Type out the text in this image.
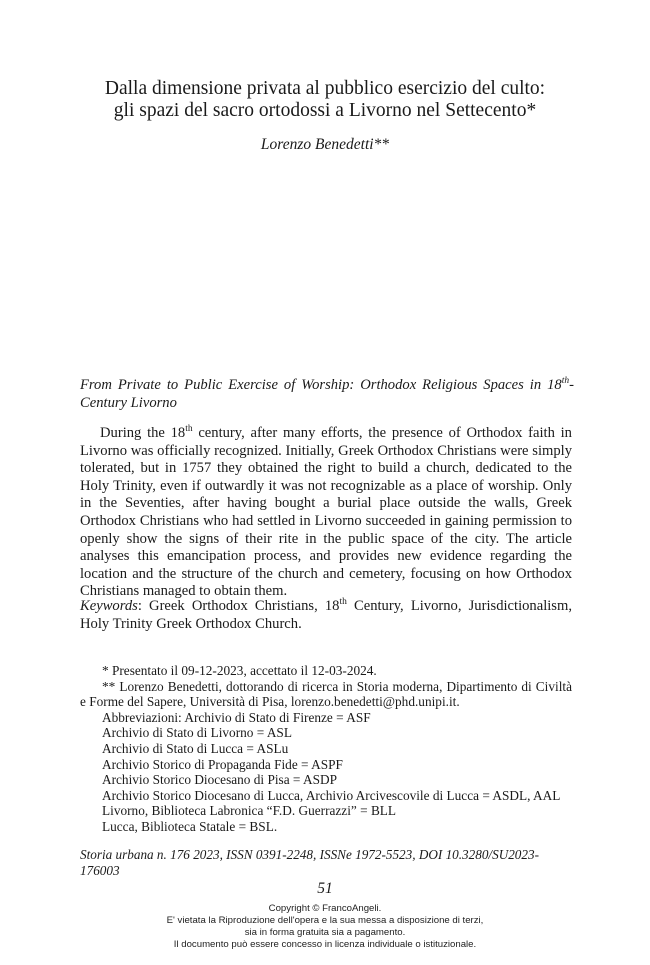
Dalla dimensione privata al pubblico esercizio del culto:
gli spazi del sacro ortodossi a Livorno nel Settecento*
Lorenzo Benedetti**
From Private to Public Exercise of Worship: Orthodox Religious Spaces in 18th-Century Livorno

During the 18th century, after many efforts, the presence of Orthodox faith in Livorno was officially recognized. Initially, Greek Orthodox Christians were simply tolerated, but in 1757 they obtained the right to build a church, dedicated to the Holy Trinity, even if outwardly it was not recognizable as a place of worship. Only in the Seventies, after having bought a burial place outside the walls, Greek Orthodox Christians who had settled in Livorno succeeded in gaining permission to openly show the signs of their rite in the public space of the city. The article analyses this emancipation process, and provides new evidence regarding the location and the structure of the church and cemetery, focusing on how Orthodox Christians managed to obtain them.

Keywords: Greek Orthodox Christians, 18th Century, Livorno, Jurisdictionalism, Holy Trinity Greek Orthodox Church.

* Presentato il 09-12-2023, accettato il 12-03-2024.
** Lorenzo Benedetti, dottorando di ricerca in Storia moderna, Dipartimento di Civiltà e Forme del Sapere, Università di Pisa, lorenzo.benedetti@phd.unipi.it.
Abbreviazioni: Archivio di Stato di Firenze = ASF
Archivio di Stato di Livorno = ASL
Archivio di Stato di Lucca = ASLu
Archivio Storico di Propaganda Fide = ASPF
Archivio Storico Diocesano di Pisa = ASDP
Archivio Storico Diocesano di Lucca, Archivio Arcivescovile di Lucca = ASDL, AAL
Livorno, Biblioteca Labronica “F.D. Guerrazzi” = BLL
Lucca, Biblioteca Statale = BSL.
Storia urbana n. 176 2023, ISSN 0391-2248, ISSNe 1972-5523, DOI 10.3280/SU2023-176003
51
Copyright © FrancoAngeli.
E' vietata la Riproduzione dell'opera e la sua messa a disposizione di terzi,
sia in forma gratuita sia a pagamento.
Il documento può essere concesso in licenza individuale o istituzionale.
